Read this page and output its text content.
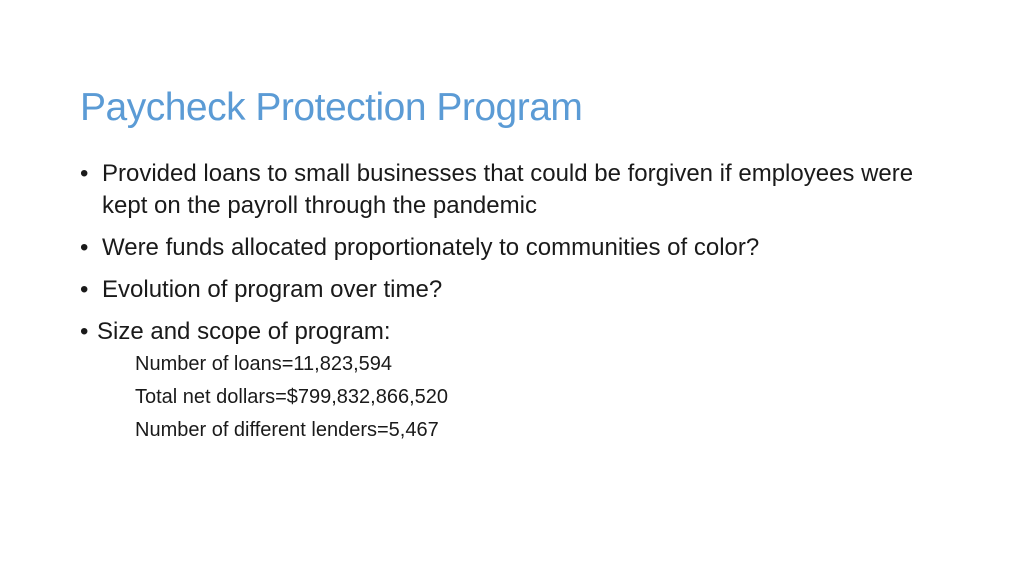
Paycheck Protection Program
• Provided loans to small businesses that could be forgiven if employees were kept on the payroll through the pandemic
• Were funds allocated proportionately to communities of color?
• Evolution of program over time?
• Size and scope of program:
Number of loans=11,823,594
Total net dollars=$799,832,866,520
Number of different lenders=5,467
